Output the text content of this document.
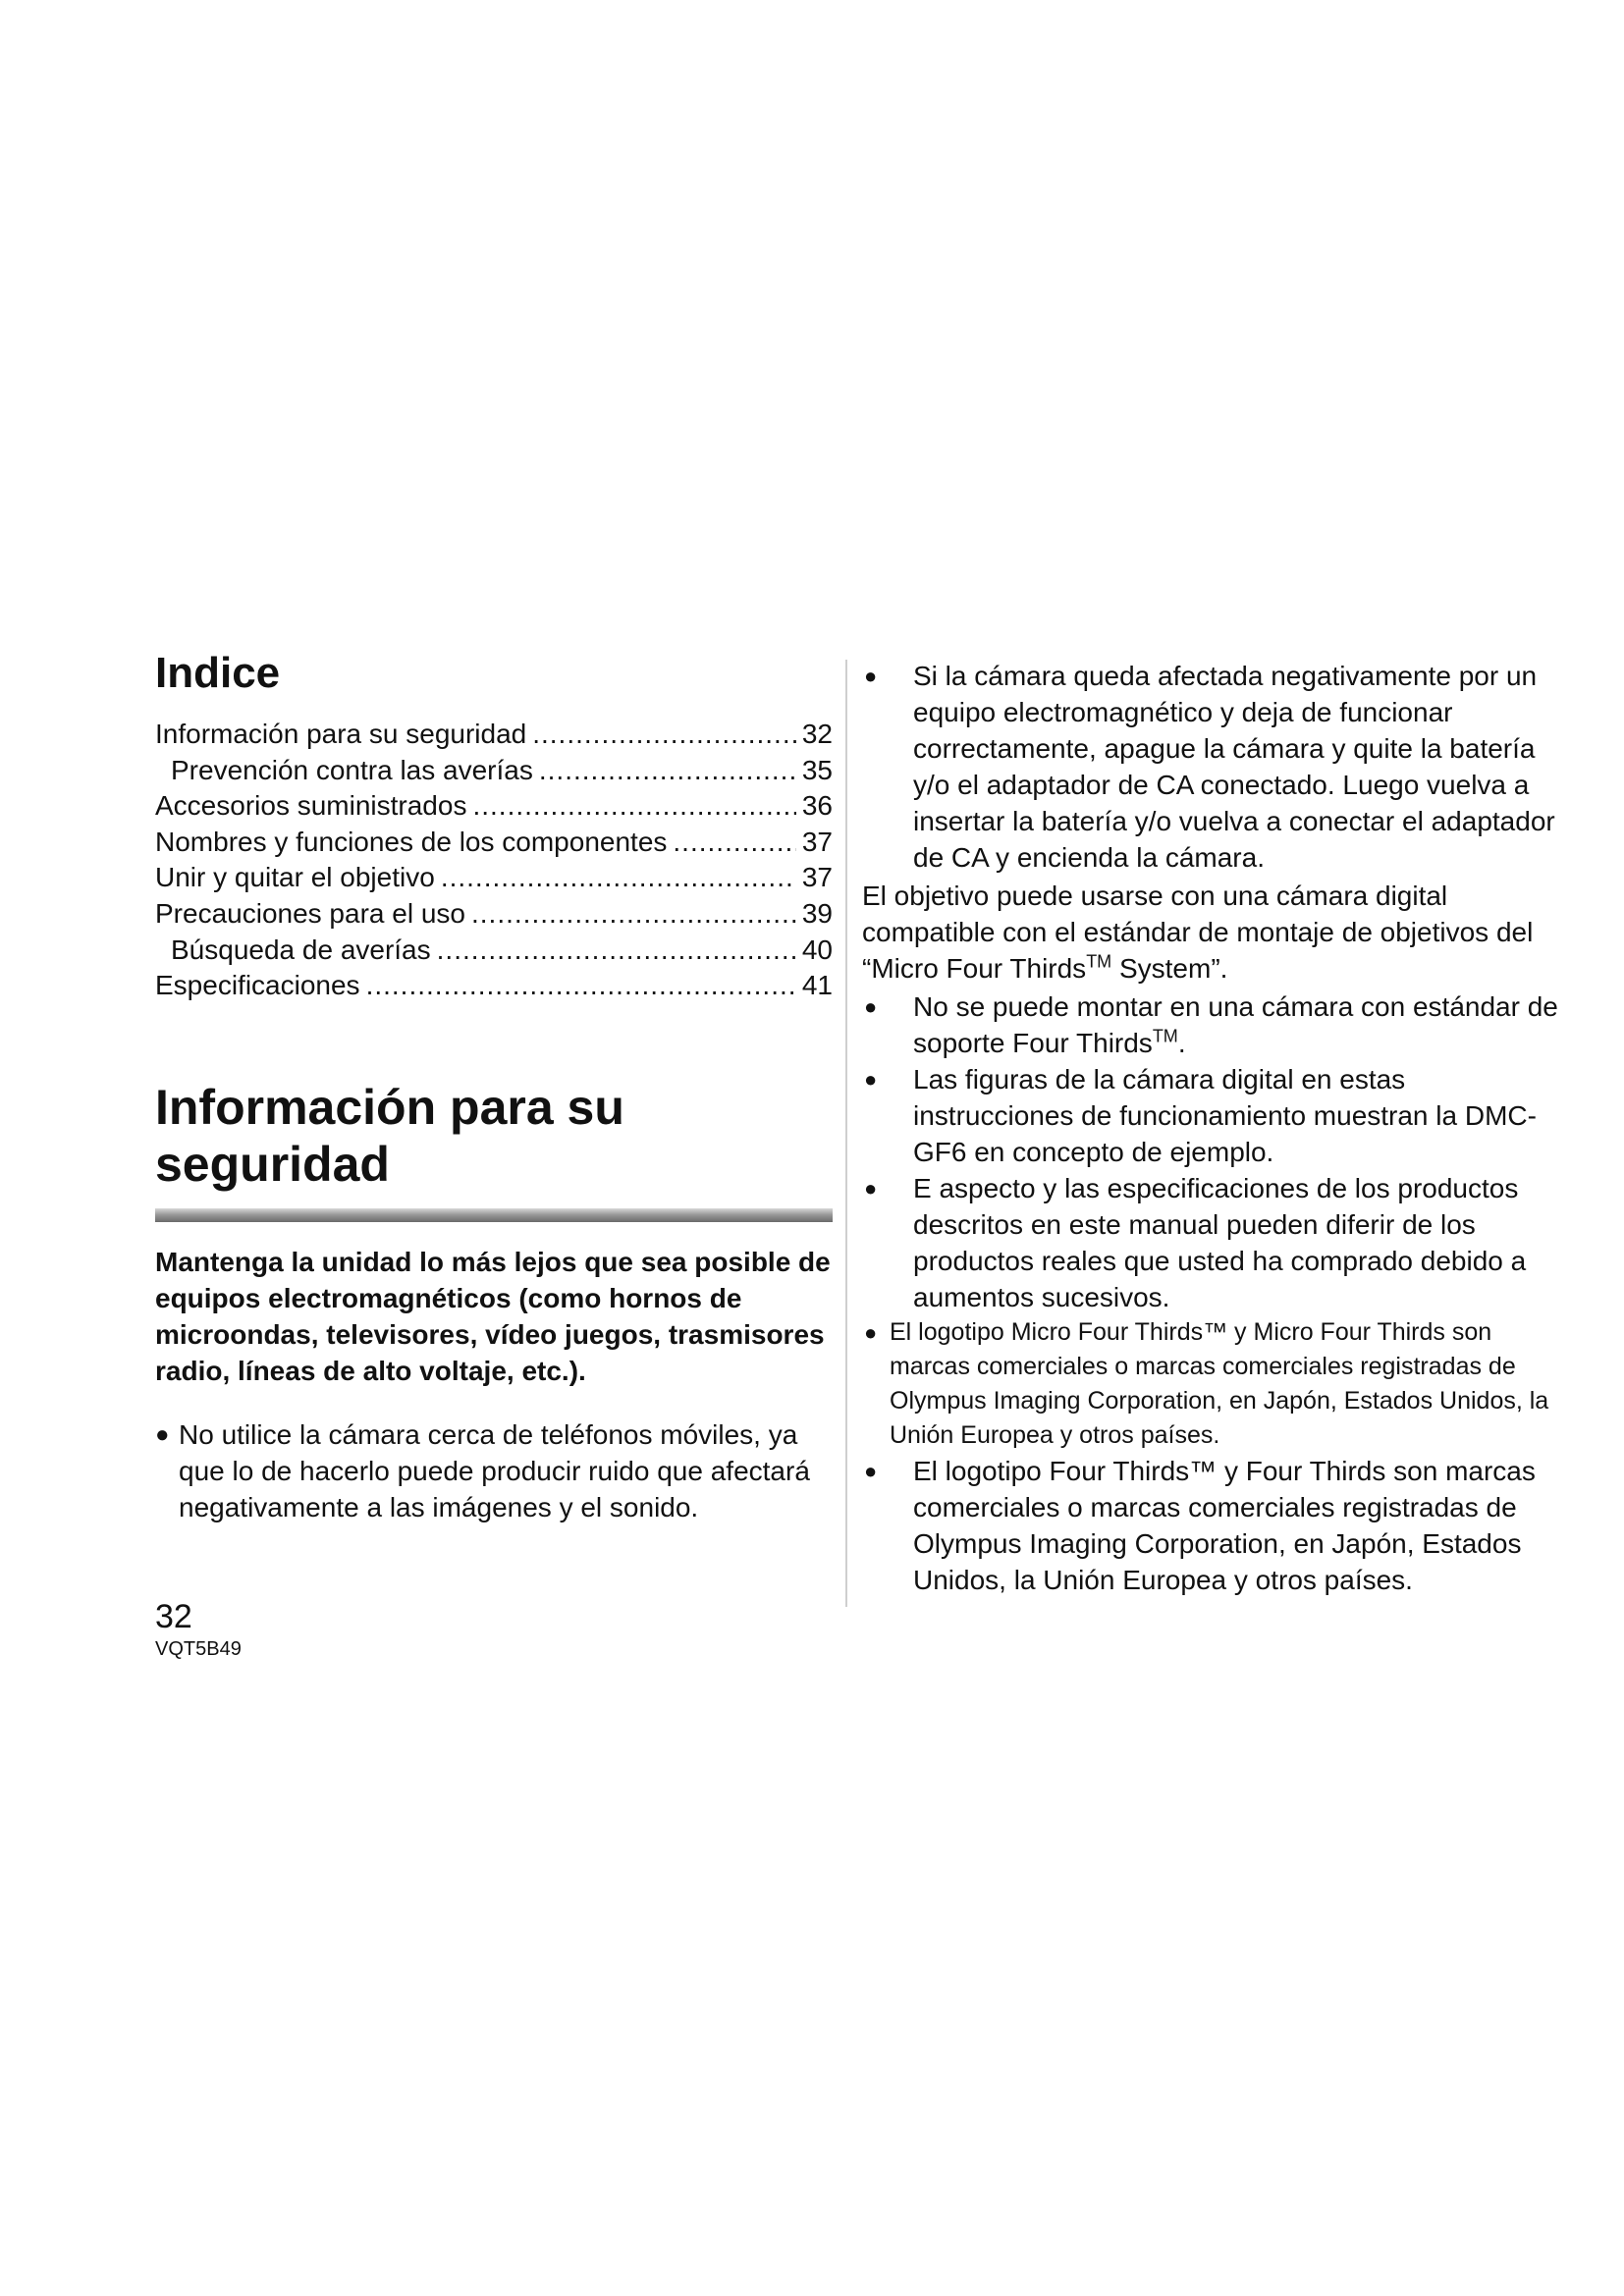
Indice
Información para su seguridad .....	32
Prevención contra las averías .....	35
Accesorios suministrados .....	36
Nombres y funciones de los componentes .....	37
Unir y quitar el objetivo .....	37
Precauciones para el uso .....	39
Búsqueda de averías .....	40
Especificaciones .....	41
Información para su seguridad

Mantenga la unidad lo más lejos que sea posible de equipos electromagnéticos (como hornos de microondas, televisores, vídeo juegos, trasmisores radio, líneas de alto voltaje, etc.).

● No utilice la cámara cerca de teléfonos móviles, ya que lo de hacerlo puede producir ruido que afectará negativamente a las imágenes y el sonido.
●	Si la cámara queda afectada negativamente por un equipo electromagnético y deja de funcionar correctamente, apague la cámara y quite la batería y/o el adaptador de CA conectado. Luego vuelva a insertar la batería y/o vuelva a conectar el adaptador de CA y encienda la cámara.

El objetivo puede usarse con una cámara digital compatible con el estándar de montaje de objetivos del “Micro Four Thirds™ System”.

●	No se puede montar en una cámara con estándar de soporte Four Thirds™.
●	Las figuras de la cámara digital en estas instrucciones de funcionamiento muestran la DMC-GF6 en concepto de ejemplo.
●	E aspecto y las especificaciones de los productos descritos en este manual pueden diferir de los productos reales que usted ha comprado debido a aumentos sucesivos.
● El logotipo Micro Four Thirds™ y Micro Four Thirds son marcas comerciales o marcas comerciales registradas de Olympus Imaging Corporation, en Japón, Estados Unidos, la Unión Europea y otros países.
●	El logotipo Four Thirds™ y Four Thirds son marcas comerciales o marcas comerciales registradas de Olympus Imaging Corporation, en Japón, Estados Unidos, la Unión Europea y otros países.
32
VQT5B49
